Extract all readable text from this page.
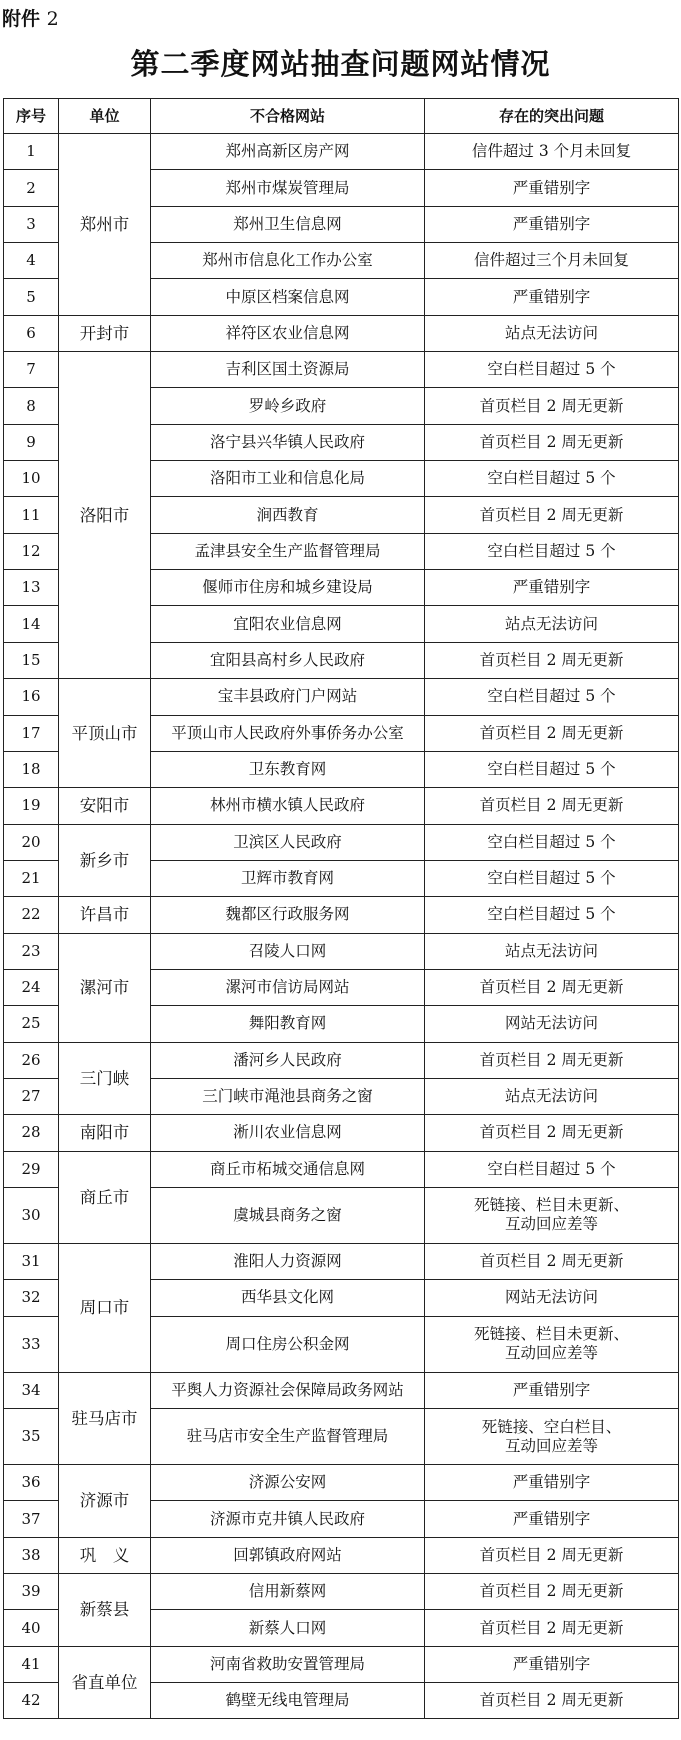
附件 2
第二季度网站抽查问题网站情况
序号	单位	不合格网站	存在的突出问题
1	郑州市	郑州高新区房产网	信件超过 3 个月未回复
2		郑州市煤炭管理局	严重错别字
3		郑州卫生信息网	严重错别字
4		郑州市信息化工作办公室	信件超过三个月未回复
5		中原区档案信息网	严重错别字
6	开封市	祥符区农业信息网	站点无法访问
7	洛阳市	吉利区国土资源局	空白栏目超过 5 个
8		罗岭乡政府	首页栏目 2 周无更新
9		洛宁县兴华镇人民政府	首页栏目 2 周无更新
10		洛阳市工业和信息化局	空白栏目超过 5 个
11		涧西教育	首页栏目 2 周无更新
12		孟津县安全生产监督管理局	空白栏目超过 5 个
13		偃师市住房和城乡建设局	严重错别字
14		宜阳农业信息网	站点无法访问
15		宜阳县高村乡人民政府	首页栏目 2 周无更新
16	平顶山市	宝丰县政府门户网站	空白栏目超过 5 个
17		平顶山市人民政府外事侨务办公室	首页栏目 2 周无更新
18		卫东教育网	空白栏目超过 5 个
19	安阳市	林州市横水镇人民政府	首页栏目 2 周无更新
20	新乡市	卫滨区人民政府	空白栏目超过 5 个
21		卫辉市教育网	空白栏目超过 5 个
22	许昌市	魏都区行政服务网	空白栏目超过 5 个
23	漯河市	召陵人口网	站点无法访问
24		漯河市信访局网站	首页栏目 2 周无更新
25		舞阳教育网	网站无法访问
26	三门峡	潘河乡人民政府	首页栏目 2 周无更新
27		三门峡市渑池县商务之窗	站点无法访问
28	南阳市	淅川农业信息网	首页栏目 2 周无更新
29	商丘市	商丘市柘城交通信息网	空白栏目超过 5 个
30		虞城县商务之窗	死链接、栏目未更新、
互动回应差等
31	周口市	淮阳人力资源网	首页栏目 2 周无更新
32		西华县文化网	网站无法访问
33		周口住房公积金网	死链接、栏目未更新、
互动回应差等
34	驻马店市	平舆人力资源社会保障局政务网站	严重错别字
35		驻马店市安全生产监督管理局	死链接、空白栏目、
互动回应差等
36	济源市	济源公安网	严重错别字
37		济源市克井镇人民政府	严重错别字
38	巩　义	回郭镇政府网站	首页栏目 2 周无更新
39	新蔡县	信用新蔡网	首页栏目 2 周无更新
40		新蔡人口网	首页栏目 2 周无更新
41	省直单位	河南省救助安置管理局	严重错别字
42		鹤壁无线电管理局	首页栏目 2 周无更新
